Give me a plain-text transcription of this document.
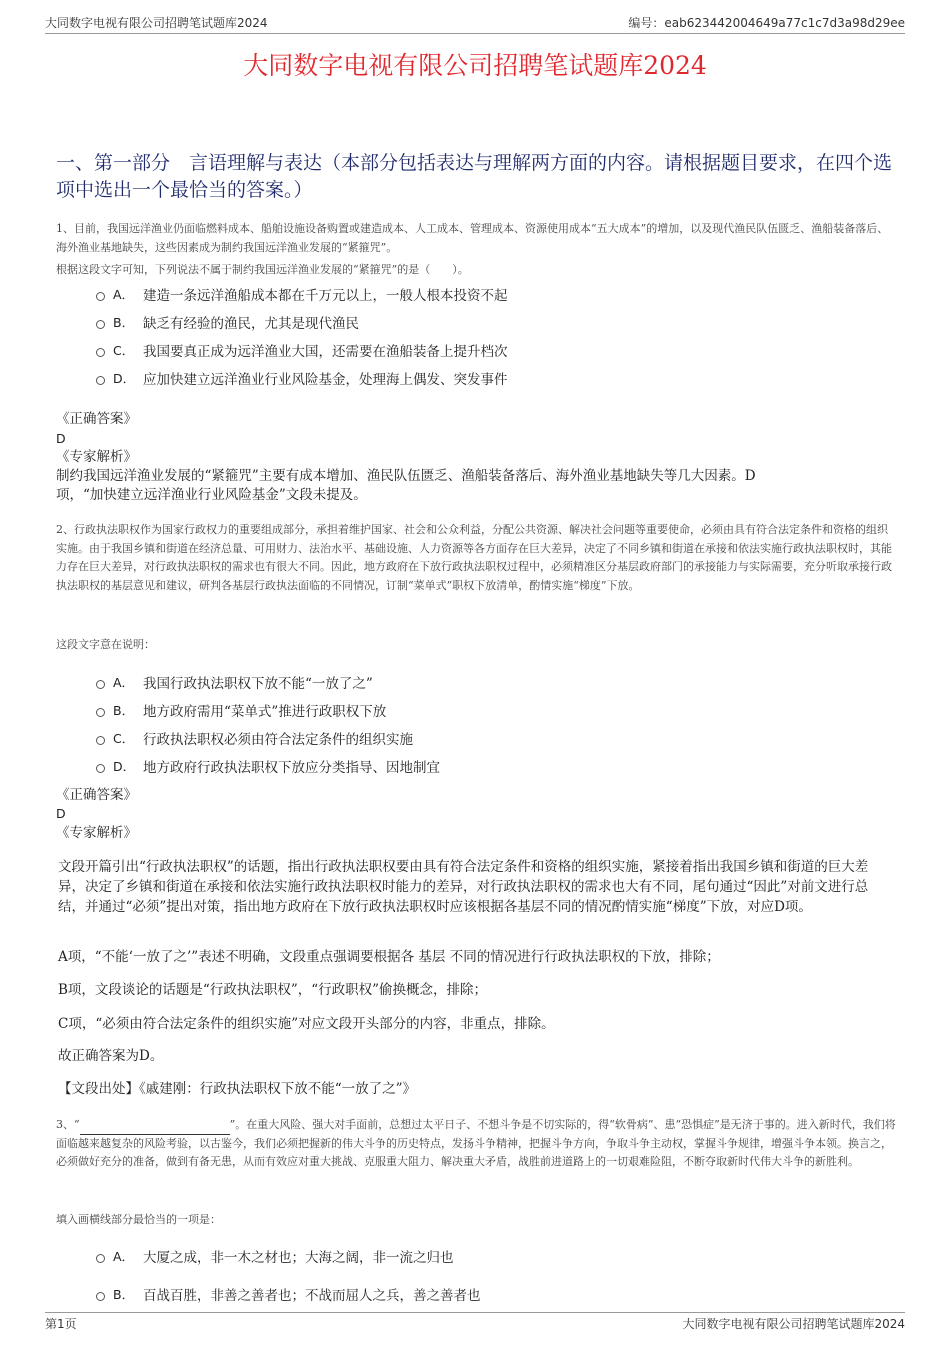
大同数字电视有限公司招聘笔试题库2024	编号：eab623442004649a77c1c7d3a98d29ee
大同数字电视有限公司招聘笔试题库2024
一、第一部分　言语理解与表达（本部分包括表达与理解两方面的内容。请根据题目要求，在四个选项中选出一个最恰当的答案。）
1、目前，我国远洋渔业仍面临燃料成本、船舶设施设备购置或建造成本、人工成本、管理成本、资源使用成本“五大成本”的增加，以及现代渔民队伍匮乏、渔船装备落后、海外渔业基地缺失，这些因素成为制约我国远洋渔业发展的“紧箍咒”。
根据这段文字可知，下列说法不属于制约我国远洋渔业发展的“紧箍咒”的是（　　）。
A． 建造一条远洋渔船成本都在千万元以上，一般人根本投资不起
B． 缺乏有经验的渔民，尤其是现代渔民
C． 我国要真正成为远洋渔业大国，还需要在渔船装备上提升档次
D． 应加快建立远洋渔业行业风险基金，处理海上偶发、突发事件
《正确答案》
D
《专家解析》
制约我国远洋渔业发展的“紧箍咒”主要有成本增加、渔民队伍匮乏、渔船装备落后、海外渔业基地缺失等几大因素。D
项，“加快建立远洋渔业行业风险基金”文段未提及。
2、行政执法职权作为国家行政权力的重要组成部分，承担着维护国家、社会和公众利益，分配公共资源、解决社会问题等重要使命，必须由具有符合法定条件和资格的组织实施。由于我国乡镇和街道在经济总量、可用财力、法治水平、基础设施、人力资源等各方面存在巨大差异，决定了不同乡镇和街道在承接和依法实施行政执法职权时，其能力存在巨大差异，对行政执法职权的需求也有很大不同。因此，地方政府在下放行政执法职权过程中，必须精准区分基层政府部门的承接能力与实际需要，充分听取承接行政执法职权的基层意见和建议，研判各基层行政执法面临的不同情况，订制“菜单式”职权下放清单，酌情实施“梯度”下放。
这段文字意在说明：
A． 我国行政执法职权下放不能“一放了之”
B． 地方政府需用“菜单式”推进行政职权下放
C． 行政执法职权必须由符合法定条件的组织实施
D． 地方政府行政执法职权下放应分类指导、因地制宜
《正确答案》
D
《专家解析》
文段开篇引出“行政执法职权”的话题，指出行政执法职权要由具有符合法定条件和资格的组织实施，紧接着指出我国乡镇和街道的巨大差异，决定了乡镇和街道在承接和依法实施行政执法职权时能力的差异，对行政执法职权的需求也大有不同，尾句通过“因此”对前文进行总结，并通过“必须”提出对策，指出地方政府在下放行政执法职权时应该根据各基层不同的情况酌情实施“梯度”下放，对应D项。
A项，“不能‘一放了之’”表述不明确，文段重点强调要根据各 基层 不同的情况进行行政执法职权的下放，排除；
B项，文段谈论的话题是“行政执法职权”，“行政职权”偷换概念，排除；
C项，“必须由符合法定条件的组织实施”对应文段开头部分的内容，非重点，排除。
故正确答案为D。
【文段出处】《戚建刚：行政执法职权下放不能“一放了之”》
3、“	”。在重大风险、强大对手面前，总想过太平日子、不想斗争是不切实际的，得“软骨病”、患“恐惧症”是无济于事的。进入新时代，我们将面临越来越复杂的风险考验，以古鉴今，我们必须把握新的伟大斗争的历史特点，发扬斗争精神，把握斗争方向，争取斗争主动权，掌握斗争规律，增强斗争本领。换言之，必须做好充分的准备，做到有备无患，从而有效应对重大挑战、克服重大阻力、解决重大矛盾，战胜前进道路上的一切艰难险阻，不断夺取新时代伟大斗争的新胜利。
填入画横线部分最恰当的一项是：
A． 大厦之成，非一木之材也；大海之阔，非一流之归也
B． 百战百胜，非善之善者也；不战而屈人之兵，善之善者也
第1页	大同数字电视有限公司招聘笔试题库2024
